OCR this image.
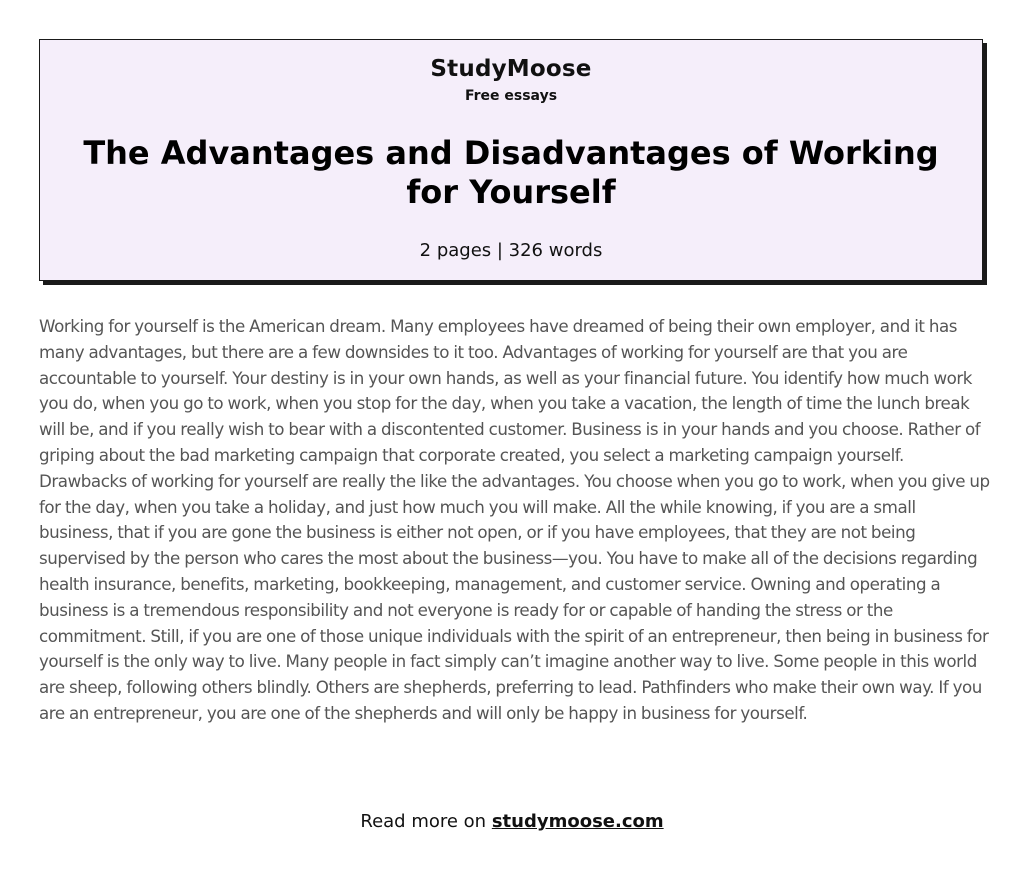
StudyMoose
Free essays
The Advantages and Disadvantages of Working for Yourself
2 pages | 326 words

Working for yourself is the American dream. Many employees have dreamed of being their own employer, and it has many advantages, but there are a few downsides to it too. Advantages of working for yourself are that you are accountable to yourself. Your destiny is in your own hands, as well as your financial future. You identify how much work you do, when you go to work, when you stop for the day, when you take a vacation, the length of time the lunch break will be, and if you really wish to bear with a discontented customer. Business is in your hands and you choose. Rather of griping about the bad marketing campaign that corporate created, you select a marketing campaign yourself. Drawbacks of working for yourself are really the like the advantages. You choose when you go to work, when you give up for the day, when you take a holiday, and just how much you will make. All the while knowing, if you are a small business, that if you are gone the business is either not open, or if you have employees, that they are not being supervised by the person who cares the most about the business—you. You have to make all of the decisions regarding health insurance, benefits, marketing, bookkeeping, management, and customer service. Owning and operating a business is a tremendous responsibility and not everyone is ready for or capable of handing the stress or the commitment. Still, if you are one of those unique individuals with the spirit of an entrepreneur, then being in business for yourself is the only way to live. Many people in fact simply can’t imagine another way to live. Some people in this world are sheep, following others blindly. Others are shepherds, preferring to lead. Pathfinders who make their own way. If you are an entrepreneur, you are one of the shepherds and will only be happy in business for yourself.

Read more on studymoose.com
